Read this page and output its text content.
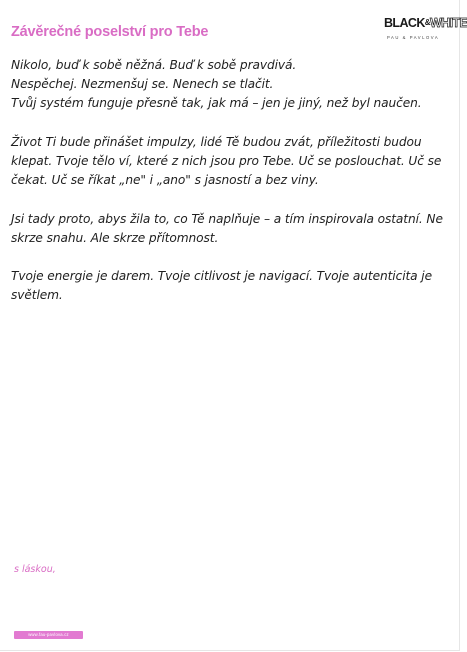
Závěrečné poselství pro Tebe
BLACK&WHITE
PAU & PAVLOVA

Nikolo, buď k sobě něžná. Buď k sobě pravdivá.
Nespěchej. Nezmenšuj se. Nenech se tlačit.
Tvůj systém funguje přesně tak, jak má – jen je jiný, než byl naučen.

Život Ti bude přinášet impulzy, lidé Tě budou zvát, příležitosti budou
klepat. Tvoje tělo ví, které z nich jsou pro Tebe. Uč se poslouchat. Uč se
čekat. Uč se říkat „ne" i „ano" s jasností a bez viny.

Jsi tady proto, abys žila to, co Tě naplňuje – a tím inspirovala ostatní. Ne
skrze snahu. Ale skrze přítomnost.

Tvoje energie je darem. Tvoje citlivost je navigací. Tvoje autenticita je
světlem.

s láskou,
www.fau-pavlova.cz
